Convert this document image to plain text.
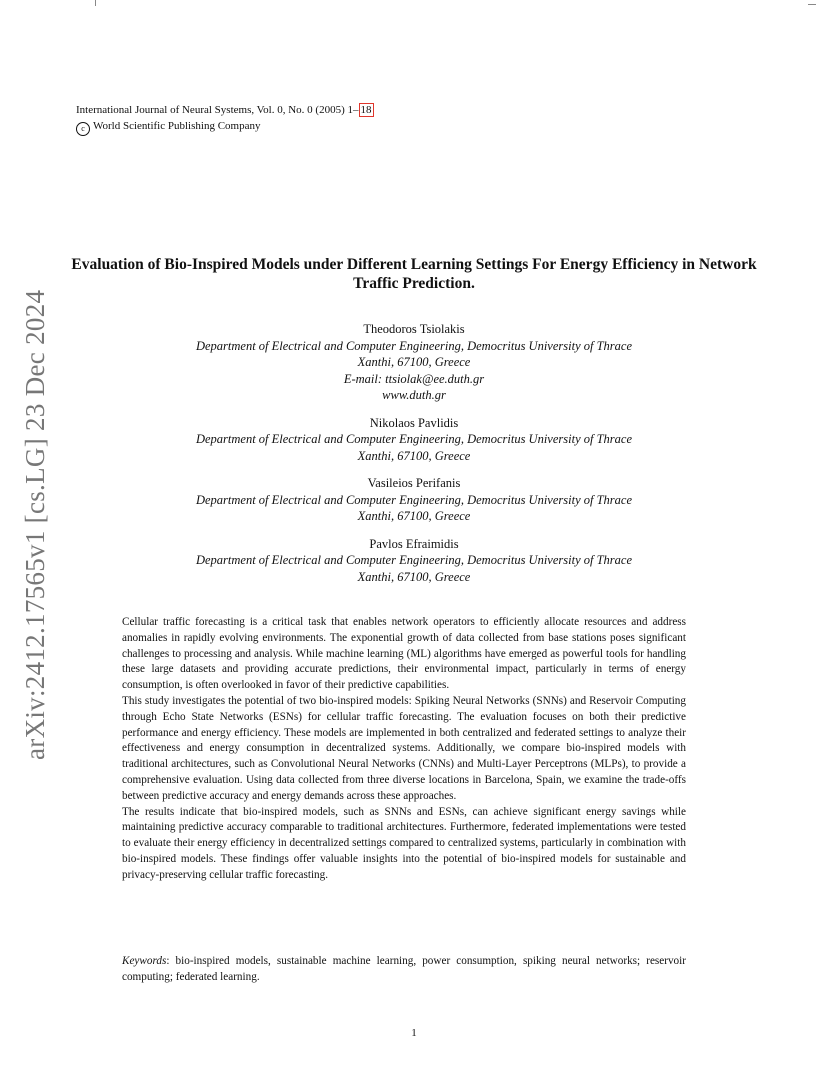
arXiv:2412.17565v1 [cs.LG] 23 Dec 2024
International Journal of Neural Systems, Vol. 0, No. 0 (2005) 1– 18
c World Scientific Publishing Company
Evaluation of Bio-Inspired Models under Different Learning Settings For Energy Efficiency in Network Traffic Prediction.
Theodoros Tsiolakis
Department of Electrical and Computer Engineering, Democritus University of Thrace
Xanthi, 67100, Greece
E-mail: ttsiolak@ee.duth.gr
www.duth.gr
Nikolaos Pavlidis
Department of Electrical and Computer Engineering, Democritus University of Thrace
Xanthi, 67100, Greece
Vasileios Perifanis
Department of Electrical and Computer Engineering, Democritus University of Thrace
Xanthi, 67100, Greece
Pavlos Efraimidis
Department of Electrical and Computer Engineering, Democritus University of Thrace
Xanthi, 67100, Greece

Cellular traffic forecasting is a critical task that enables network operators to efficiently allocate resources and address anomalies in rapidly evolving environments. The exponential growth of data collected from base stations poses significant challenges to processing and analysis. While machine learning (ML) algorithms have emerged as powerful tools for handling these large datasets and providing accurate predictions, their environmental impact, particularly in terms of energy consumption, is often overlooked in favor of their predictive capabilities.

This study investigates the potential of two bio-inspired models: Spiking Neural Networks (SNNs) and Reservoir Computing through Echo State Networks (ESNs) for cellular traffic forecasting. The evaluation focuses on both their predictive performance and energy efficiency. These models are implemented in both centralized and federated settings to analyze their effectiveness and energy consumption in decentralized systems. Additionally, we compare bio-inspired models with traditional architectures, such as Convolutional Neural Networks (CNNs) and Multi-Layer Perceptrons (MLPs), to provide a comprehensive evaluation. Using data collected from three diverse locations in Barcelona, Spain, we examine the trade-offs between predictive accuracy and energy demands across these approaches.

The results indicate that bio-inspired models, such as SNNs and ESNs, can achieve significant energy savings while maintaining predictive accuracy comparable to traditional architectures. Furthermore, federated implementations were tested to evaluate their energy efficiency in decentralized settings compared to centralized systems, particularly in combination with bio-inspired models. These findings offer valuable insights into the potential of bio-inspired models for sustainable and privacy-preserving cellular traffic forecasting.

Keywords: bio-inspired models, sustainable machine learning, power consumption, spiking neural networks; reservoir computing; federated learning.
1
